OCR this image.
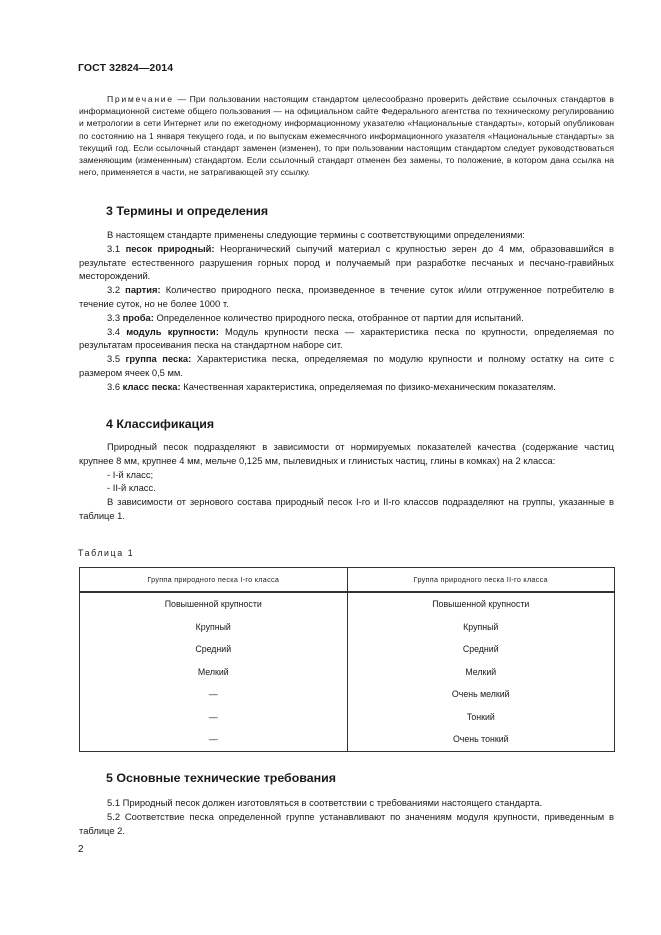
ГОСТ 32824—2014

Примечание — При пользовании настоящим стандартом целесообразно проверить действие ссылочных стандартов в информационной системе общего пользования — на официальном сайте Федерального агентства по техническому регулированию и метрологии в сети Интернет или по ежегодному информационному указателю «Национальные стандарты», который опубликован по состоянию на 1 января текущего года, и по выпускам ежемесячного информационного указателя «Национальные стандарты» за текущий год. Если ссылочный стандарт заменен (изменен), то при пользовании настоящим стандартом следует руководствоваться заменяющим (измененным) стандартом. Если ссылочный стандарт отменен без замены, то положение, в котором дана ссылка на него, применяется в части, не затрагивающей эту ссылку.

3 Термины и определения

В настоящем стандарте применены следующие термины с соответствующими определениями:

3.1 песок природный: Неорганический сыпучий материал с крупностью зерен до 4 мм, образовавшийся в результате естественного разрушения горных пород и получаемый при разработке песчаных и песчано-гравийных месторождений.

3.2 партия: Количество природного песка, произведенное в течение суток и/или отгруженное потребителю в течение суток, но не более 1000 т.

3.3 проба: Определенное количество природного песка, отобранное от партии для испытаний.

3.4 модуль крупности: Модуль крупности песка — характеристика песка по крупности, определяемая по результатам просеивания песка на стандартном наборе сит.

3.5 группа песка: Характеристика песка, определяемая по модулю крупности и полному остатку на сите с размером ячеек 0,5 мм.

3.6 класс песка: Качественная характеристика, определяемая по физико-механическим показателям.

4 Классификация

Природный песок подразделяют в зависимости от нормируемых показателей качества (содержание частиц крупнее 8 мм, крупнее 4 мм, мельче 0,125 мм, пылевидных и глинистых частиц, глины в комках) на 2 класса:

- I-й класс;

- II-й класс.

В зависимости от зернового состава природный песок I-го и II-го классов подразделяют на группы, указанные в таблице 1.

Таблица 1
Группа природного песка I-го класса	Группа природного песка II-го класса
Повышенной крупности	Повышенной крупности
Крупный	Крупный
Средний	Средний
Мелкий	Мелкий
—	Очень мелкий
—	Тонкий
—	Очень тонкий
5 Основные технические требования

5.1 Природный песок должен изготовляться в соответствии с требованиями настоящего стандарта.

5.2 Соответствие песка определенной группе устанавливают по значениям модуля крупности, приведенным в таблице 2.

2
